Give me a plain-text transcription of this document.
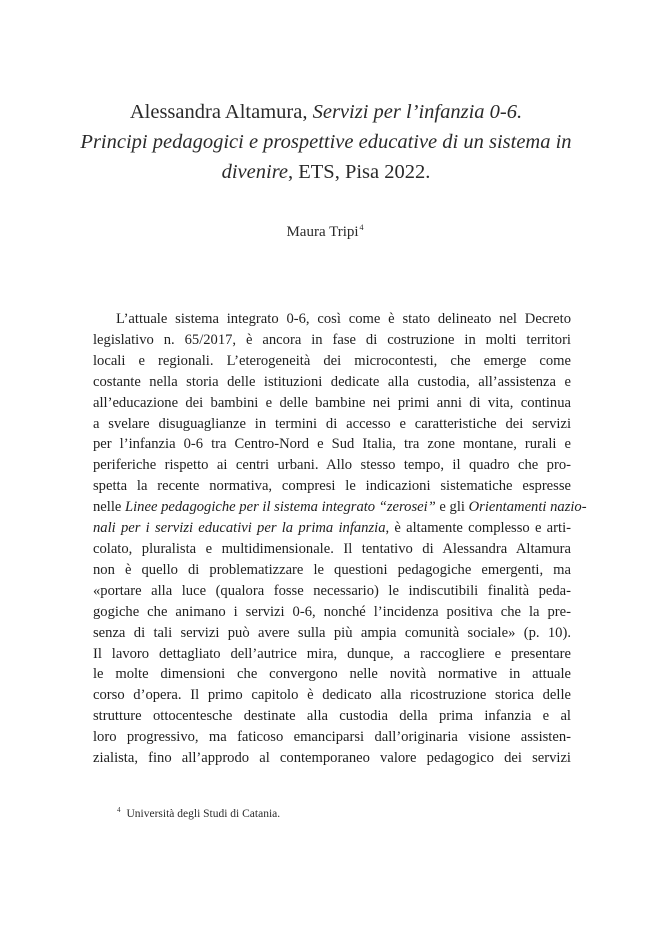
Alessandra Altamura, Servizi per l’infanzia 0-6.
Principi pedagogici e prospettive educative di un sistema in
divenire, ETS, Pisa 2022.
Maura Tripi$^4$
L’attuale sistema integrato 0-6, così come è stato delineato nel Decreto
legislativo n. 65/2017, è ancora in fase di costruzione in molti territori
locali e regionali. L’eterogeneità dei microcontesti, che emerge come
costante nella storia delle istituzioni dedicate alla custodia, all’assistenza e
all’educazione dei bambini e delle bambine nei primi anni di vita, continua
a svelare disuguaglianze in termini di accesso e caratteristiche dei servizi
per l’infanzia 0-6 tra Centro-Nord e Sud Italia, tra zone montane, rurali e
periferiche rispetto ai centri urbani. Allo stesso tempo, il quadro che pro-
spetta la recente normativa, compresi le indicazioni sistematiche espresse
nelle Linee pedagogiche per il sistema integrato “zerosei” e gli Orientamenti nazio-
nali per i servizi educativi per la prima infanzia, è altamente complesso e arti-
colato, pluralista e multidimensionale. Il tentativo di Alessandra Altamura
non è quello di problematizzare le questioni pedagogiche emergenti, ma
«portare alla luce (qualora fosse necessario) le indiscutibili finalità peda-
gogiche che animano i servizi 0-6, nonché l’incidenza positiva che la pre-
senza di tali servizi può avere sulla più ampia comunità sociale» (p. 10).
Il lavoro dettagliato dell’autrice mira, dunque, a raccogliere e presentare
le molte dimensioni che convergono nelle novità normative in attuale
corso d’opera. Il primo capitolo è dedicato alla ricostruzione storica delle
strutture ottocentesche destinate alla custodia della prima infanzia e al
loro progressivo, ma faticoso emanciparsi dall’originaria visione assisten-
zialista, fino all’approdo al contemporaneo valore pedagogico dei servizi
$^4$ Università degli Studi di Catania.
